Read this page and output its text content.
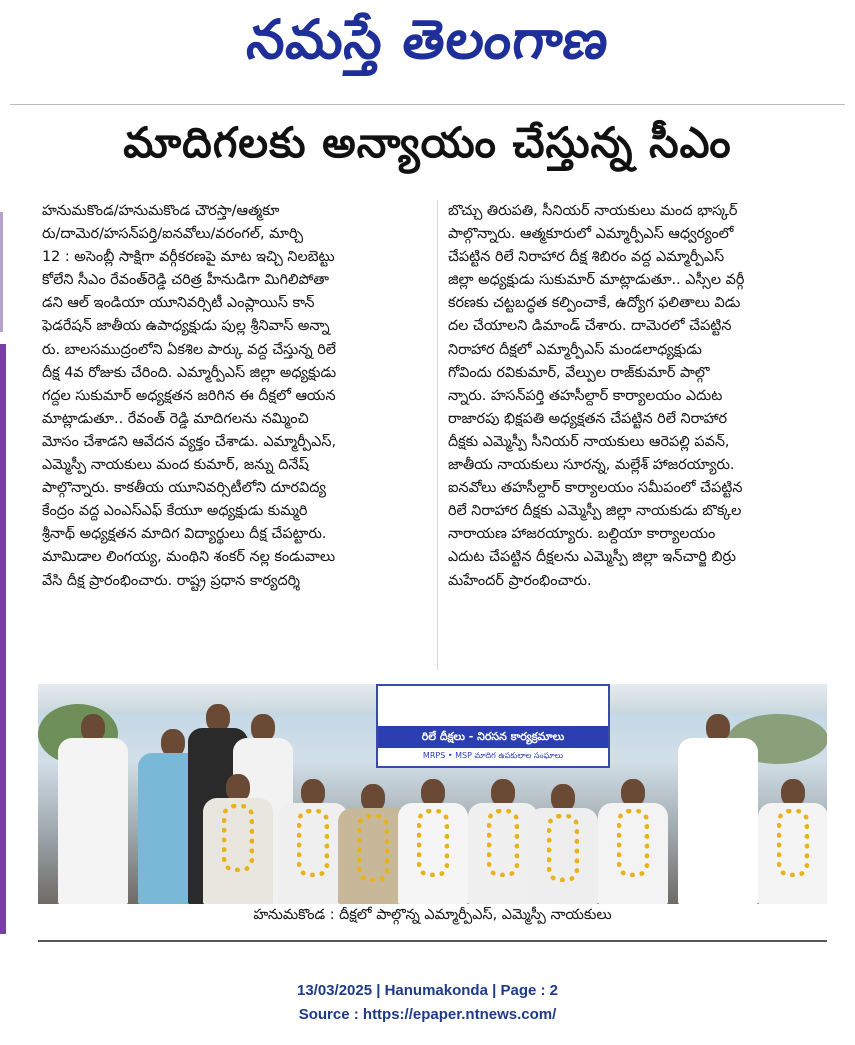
నమస్తే తెలంగాణ
మాదిగలకు అన్యాయం చేస్తున్న సీఎం
హనుమకొండ/హనుమకొండ చౌరస్తా/ఆత్మకూ
రు/దామెర/హసన్‌పర్తి/ఐనవోలు/వరంగల్, మార్చి
12 : అసెంబ్లీ సాక్షిగా వర్గీకరణపై మాట ఇచ్చి నిలబెట్టు
కోలేని సీఎం రేవంత్‌రెడ్డి చరిత్ర హీనుడిగా మిగిలిపోతా
డని ఆల్ ఇండియా యూనివర్సిటీ ఎంప్లాయిస్ కాన్
ఫెడరేషన్ జాతీయ ఉపాధ్యక్షుడు పుల్ల శ్రీనివాస్ అన్నా
రు. బాలసముద్రంలోని ఏకశిల పార్కు వద్ద చేస్తున్న రిలే
దీక్ష 4వ రోజుకు చేరింది. ఎమ్మార్పీఎస్ జిల్లా అధ్యక్షుడు
గద్దల సుకుమార్ అధ్యక్షతన జరిగిన ఈ దీక్షలో ఆయన
మాట్లాడుతూ.. రేవంత్ రెడ్డి మాదిగలను నమ్మించి
మోసం చేశాడని ఆవేదన వ్యక్తం చేశాడు. ఎమ్మార్పీఎస్,
ఎమ్మెస్పీ నాయకులు మంద కుమార్, జన్ను దినేష్
పాల్గొన్నారు. కాకతీయ యూనివర్సిటీలోని దూరవిద్య
కేంద్రం వద్ద ఎంఎస్ఎఫ్ కేయూ అధ్యక్షుడు కుమ్మరి
శ్రీనాథ్ అధ్యక్షతన మాదిగ విద్యార్థులు దీక్ష చేపట్టారు.
మామిడాల లింగయ్య, మంథిని శంకర్ నల్ల కండువాలు
వేసి దీక్ష ప్రారంభించారు. రాష్ట్ర ప్రధాన కార్యదర్శి
బొచ్చు తిరుపతి, సీనియర్ నాయకులు మంద భాస్కర్
పాల్గొన్నారు. ఆత్మకూరులో ఎమ్మార్పీఎస్ ఆధ్వర్యంలో
చేపట్టిన రిలే నిరాహార దీక్ష శిబిరం వద్ద ఎమ్మార్పీఎస్
జిల్లా అధ్యక్షుడు సుకుమార్ మాట్లాడుతూ.. ఎస్సీల వర్గీ
కరణకు చట్టబద్ధత కల్పించాకే, ఉద్యోగ ఫలితాలు విడు
దల చేయాలని డిమాండ్ చేశారు. దామెరలో చేపట్టిన
నిరాహార దీక్షలో ఎమ్మార్పీఎస్ మండలాధ్యక్షుడు
గోవిందు రవికుమార్, వేల్పుల రాజ్‌కుమార్ పాల్గొ
న్నారు. హసన్‌పర్తి తహసీల్దార్ కార్యాలయం ఎదుట
రాజారపు భిక్షపతి అధ్యక్షతన చేపట్టిన రిలే నిరాహార
దీక్షకు ఎమ్మెస్పీ సీనియర్ నాయకులు ఆరెపల్లి పవన్,
జాతీయ నాయకులు సూరన్న, మల్లేశ్ హాజరయ్యారు.
ఐనవోలు తహసీల్దార్ కార్యాలయం సమీపంలో చేపట్టిన
రిలే నిరాహార దీక్షకు ఎమ్మెస్పీ జిల్లా నాయకుడు బొక్కల
నారాయణ హాజరయ్యారు. బల్దియా కార్యాలయం
ఎదుట చేపట్టిన దీక్షలను ఎమ్మెస్పీ జిల్లా ఇన్‌చార్జి బిర్రు
మహేందర్ ప్రారంభించారు.
రిలే దీక్షలు - నిరసన కార్యక్రమాలు
MRPS • MSP మాదిగ ఉపకులాల సంఘాలు
హనుమకొండ : దీక్షలో పాల్గొన్న ఎమ్మార్పీఎస్, ఎమ్మెస్పీ నాయకులు
13/03/2025 | Hanumakonda | Page : 2
Source : https://epaper.ntnews.com/
